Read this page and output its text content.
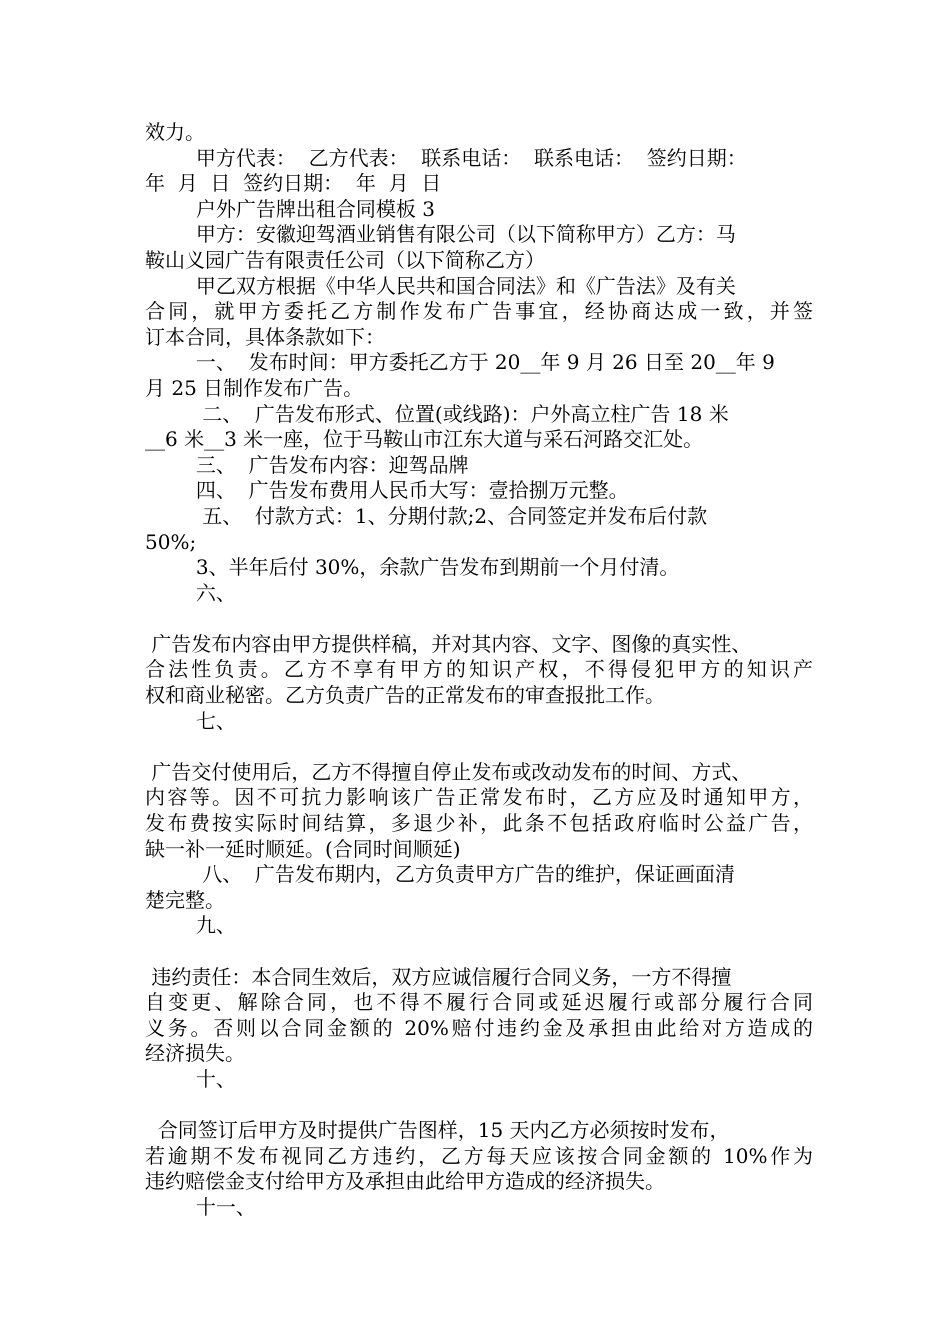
效力。
甲方代表：  乙方代表：  联系电话：  联系电话：  签约日期：
年  月  日  签约日期：  年  月  日
户外广告牌出租合同模板 3
甲方：安徽迎驾酒业销售有限公司（以下简称甲方）乙方：马
鞍山义园广告有限责任公司（以下简称乙方）
甲乙双方根据《中华人民共和国合同法》和《广告法》及有关
合同，就甲方委托乙方制作发布广告事宜，经协商达成一致，并签
订本合同，具体条款如下：
一、  发布时间：甲方委托乙方于 20__年 9 月 26 日至 20__年 9
月 25 日制作发布广告。
二、  广告发布形式、位置(或线路)：户外高立柱广告 18 米
__6 米__3 米一座，位于马鞍山市江东大道与采石河路交汇处。
三、  广告发布内容：迎驾品牌
四、  广告发布费用人民币大写：壹拾捌万元整。
五、  付款方式：1、分期付款;2、合同签定并发布后付款
50%;
3、半年后付 30%，余款广告发布到期前一个月付清。
六、
广告发布内容由甲方提供样稿，并对其内容、文字、图像的真实性、
合法性负责。乙方不享有甲方的知识产权，不得侵犯甲方的知识产
权和商业秘密。乙方负责广告的正常发布的审查报批工作。
七、
广告交付使用后，乙方不得擅自停止发布或改动发布的时间、方式、
内容等。因不可抗力影响该广告正常发布时，乙方应及时通知甲方，
发布费按实际时间结算，多退少补，此条不包括政府临时公益广告，
缺一补一延时顺延。(合同时间顺延)
八、  广告发布期内，乙方负责甲方广告的维护，保证画面清
楚完整。
九、
违约责任：本合同生效后，双方应诚信履行合同义务，一方不得擅
自变更、解除合同，也不得不履行合同或延迟履行或部分履行合同
义务。否则以合同金额的 20%赔付违约金及承担由此给对方造成的
经济损失。
十、
合同签订后甲方及时提供广告图样，15 天内乙方必须按时发布，
若逾期不发布视同乙方违约，乙方每天应该按合同金额的 10%作为
违约赔偿金支付给甲方及承担由此给甲方造成的经济损失。
十一、
